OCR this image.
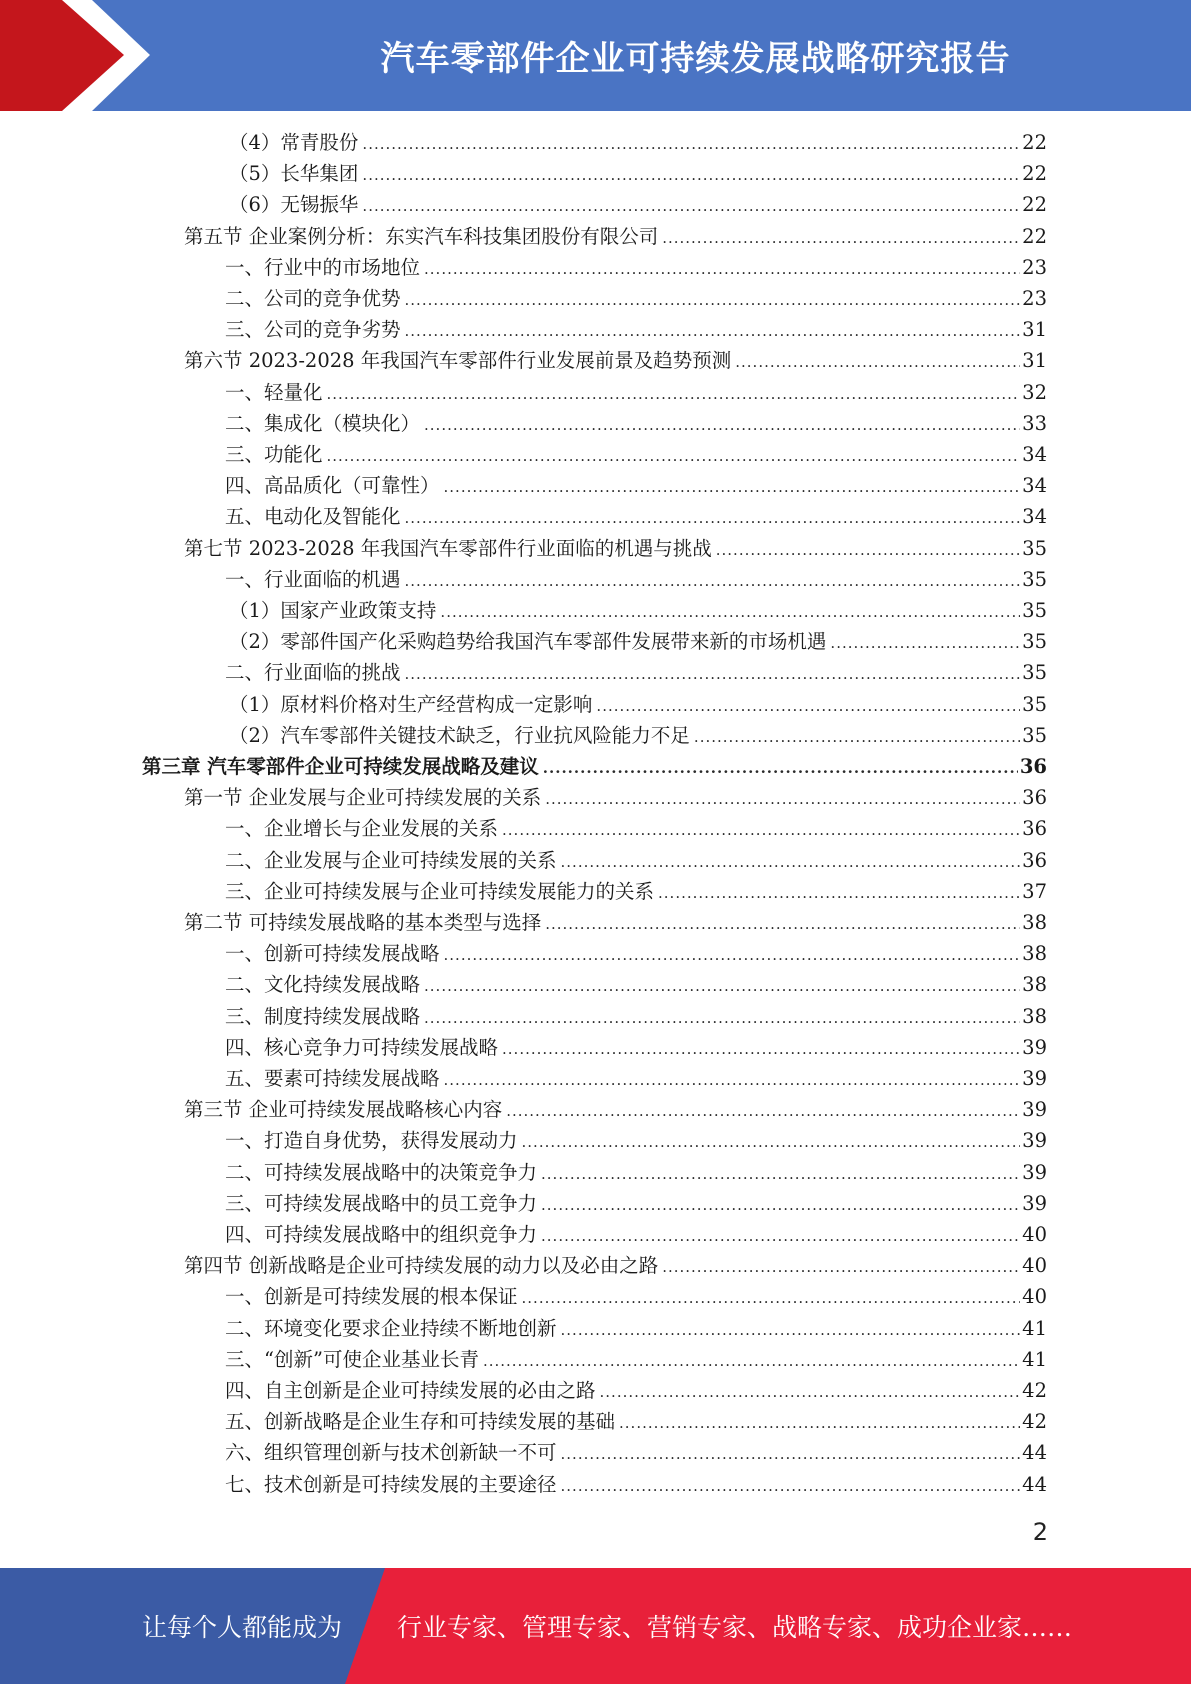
汽车零部件企业可持续发展战略研究报告
（4）常青股份 .....	22
（5）长华集团 .....	22
（6）无锡振华 .....	22
第五节 企业案例分析：东实汽车科技集团股份有限公司 .....	22
一、行业中的市场地位 .....	23
二、公司的竞争优势 .....	23
三、公司的竞争劣势 .....	31
第六节 2023-2028 年我国汽车零部件行业发展前景及趋势预测 .....	31
一、轻量化 .....	32
二、集成化（模块化） .....	33
三、功能化 .....	34
四、高品质化（可靠性） .....	34
五、电动化及智能化 .....	34
第七节 2023-2028 年我国汽车零部件行业面临的机遇与挑战 .....	35
一、行业面临的机遇 .....	35
（1）国家产业政策支持 .....	35
（2）零部件国产化采购趋势给我国汽车零部件发展带来新的市场机遇 .....	35
二、行业面临的挑战 .....	35
（1）原材料价格对生产经营构成一定影响 .....	35
（2）汽车零部件关键技术缺乏，行业抗风险能力不足 .....	35
第三章 汽车零部件企业可持续发展战略及建议 .....	36
第一节 企业发展与企业可持续发展的关系 .....	36
一、企业增长与企业发展的关系 .....	36
二、企业发展与企业可持续发展的关系 .....	36
三、企业可持续发展与企业可持续发展能力的关系 .....	37
第二节 可持续发展战略的基本类型与选择 .....	38
一、创新可持续发展战略 .....	38
二、文化持续发展战略 .....	38
三、制度持续发展战略 .....	38
四、核心竞争力可持续发展战略 .....	39
五、要素可持续发展战略 .....	39
第三节 企业可持续发展战略核心内容 .....	39
一、打造自身优势，获得发展动力 .....	39
二、可持续发展战略中的决策竞争力 .....	39
三、可持续发展战略中的员工竞争力 .....	39
四、可持续发展战略中的组织竞争力 .....	40
第四节 创新战略是企业可持续发展的动力以及必由之路 .....	40
一、创新是可持续发展的根本保证 .....	40
二、环境变化要求企业持续不断地创新 .....	41
三、“创新”可使企业基业长青 .....	41
四、自主创新是企业可持续发展的必由之路 .....	42
五、创新战略是企业生存和可持续发展的基础 .....	42
六、组织管理创新与技术创新缺一不可 .....	44
七、技术创新是可持续发展的主要途径 .....	44
2
让每个人都能成为 行业专家、管理专家、营销专家、战略专家、成功企业家……
